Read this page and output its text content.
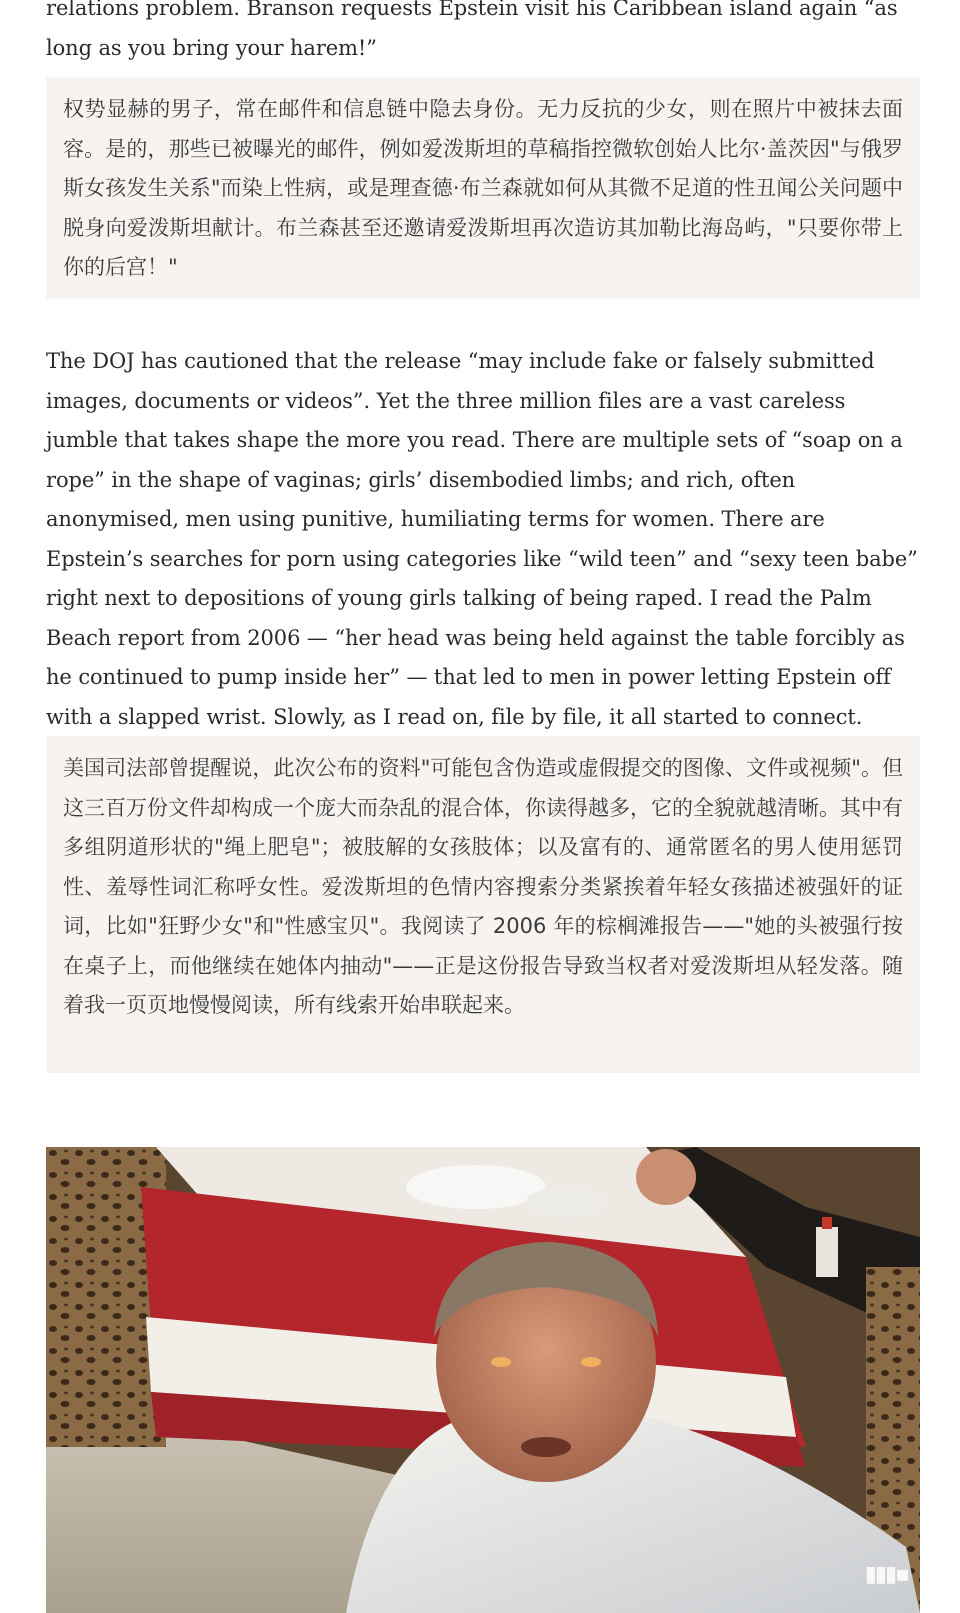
relations problem. Branson requests Epstein visit his Caribbean island again “as

long as you bring your harem!”

权势显赫的男子，常在邮件和信息链中隐去身份。无力反抗的少女，则在照片中被抹去面容。是的，那些已被曝光的邮件，例如爱泼斯坦的草稿指控微软创始人比尔·盖茨因"与俄罗斯女孩发生关系"而染上性病，或是理查德·布兰森就如何从其微不足道的性丑闻公关问题中脱身向爱泼斯坦献计。布兰森甚至还邀请爱泼斯坦再次造访其加勒比海岛屿，"只要你带上你的后宫！"

The DOJ has cautioned that the release “may include fake or falsely submitted images, documents or videos”. Yet the three million files are a vast careless jumble that takes shape the more you read. There are multiple sets of “soap on a rope” in the shape of vaginas; girls’ disembodied limbs; and rich, often anonymised, men using punitive, humiliating terms for women. There are Epstein’s searches for porn using categories like “wild teen” and “sexy teen babe” right next to depositions of young girls talking of being raped. I read the Palm Beach report from 2006 — “her head was being held against the table forcibly as he continued to pump inside her” — that led to men in power letting Epstein off with a slapped wrist. Slowly, as I read on, file by file, it all started to connect.

美国司法部曾提醒说，此次公布的资料"可能包含伪造或虚假提交的图像、文件或视频"。但这三百万份文件却构成一个庞大而杂乱的混合体，你读得越多，它的全貌就越清晰。其中有多组阴道形状的"绳上肥皂"；被肢解的女孩肢体；以及富有的、通常匿名的男人使用惩罚性、羞辱性词汇称呼女性。爱泼斯坦的色情内容搜索分类紧挨着年轻女孩描述被强奸的证词，比如"狂野少女"和"性感宝贝"。我阅读了 2006 年的棕榈滩报告——"她的头被强行按在桌子上，而他继续在她体内抽动"——正是这份报告导致当权者对爱泼斯坦从轻发落。随着我一页页地慢慢阅读，所有线索开始串联起来。

▮▮▮▪
